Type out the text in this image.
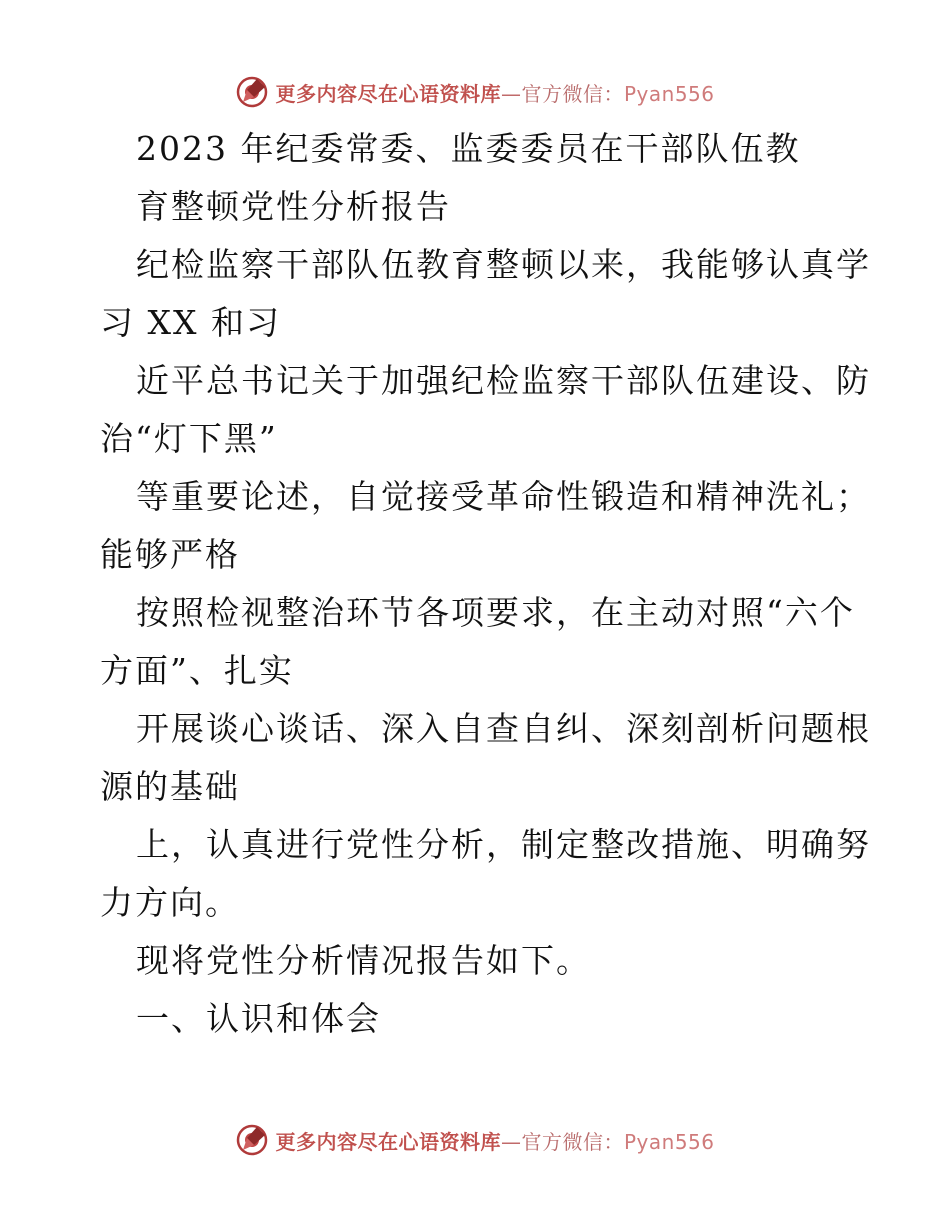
更多内容尽在心语资料库—官方微信：Pyan556
2023 年纪委常委、监委委员在干部队伍教
育整顿党性分析报告
纪检监察干部队伍教育整顿以来，我能够认真学
习 XX 和习
近平总书记关于加强纪检监察干部队伍建设、防
治“灯下黑”
等重要论述，自觉接受革命性锻造和精神洗礼；
能够严格
按照检视整治环节各项要求，在主动对照“六个
方面”、扎实
开展谈心谈话、深入自查自纠、深刻剖析问题根
源的基础
上，认真进行党性分析，制定整改措施、明确努
力方向。
现将党性分析情况报告如下。
一、认识和体会
更多内容尽在心语资料库—官方微信：Pyan556
